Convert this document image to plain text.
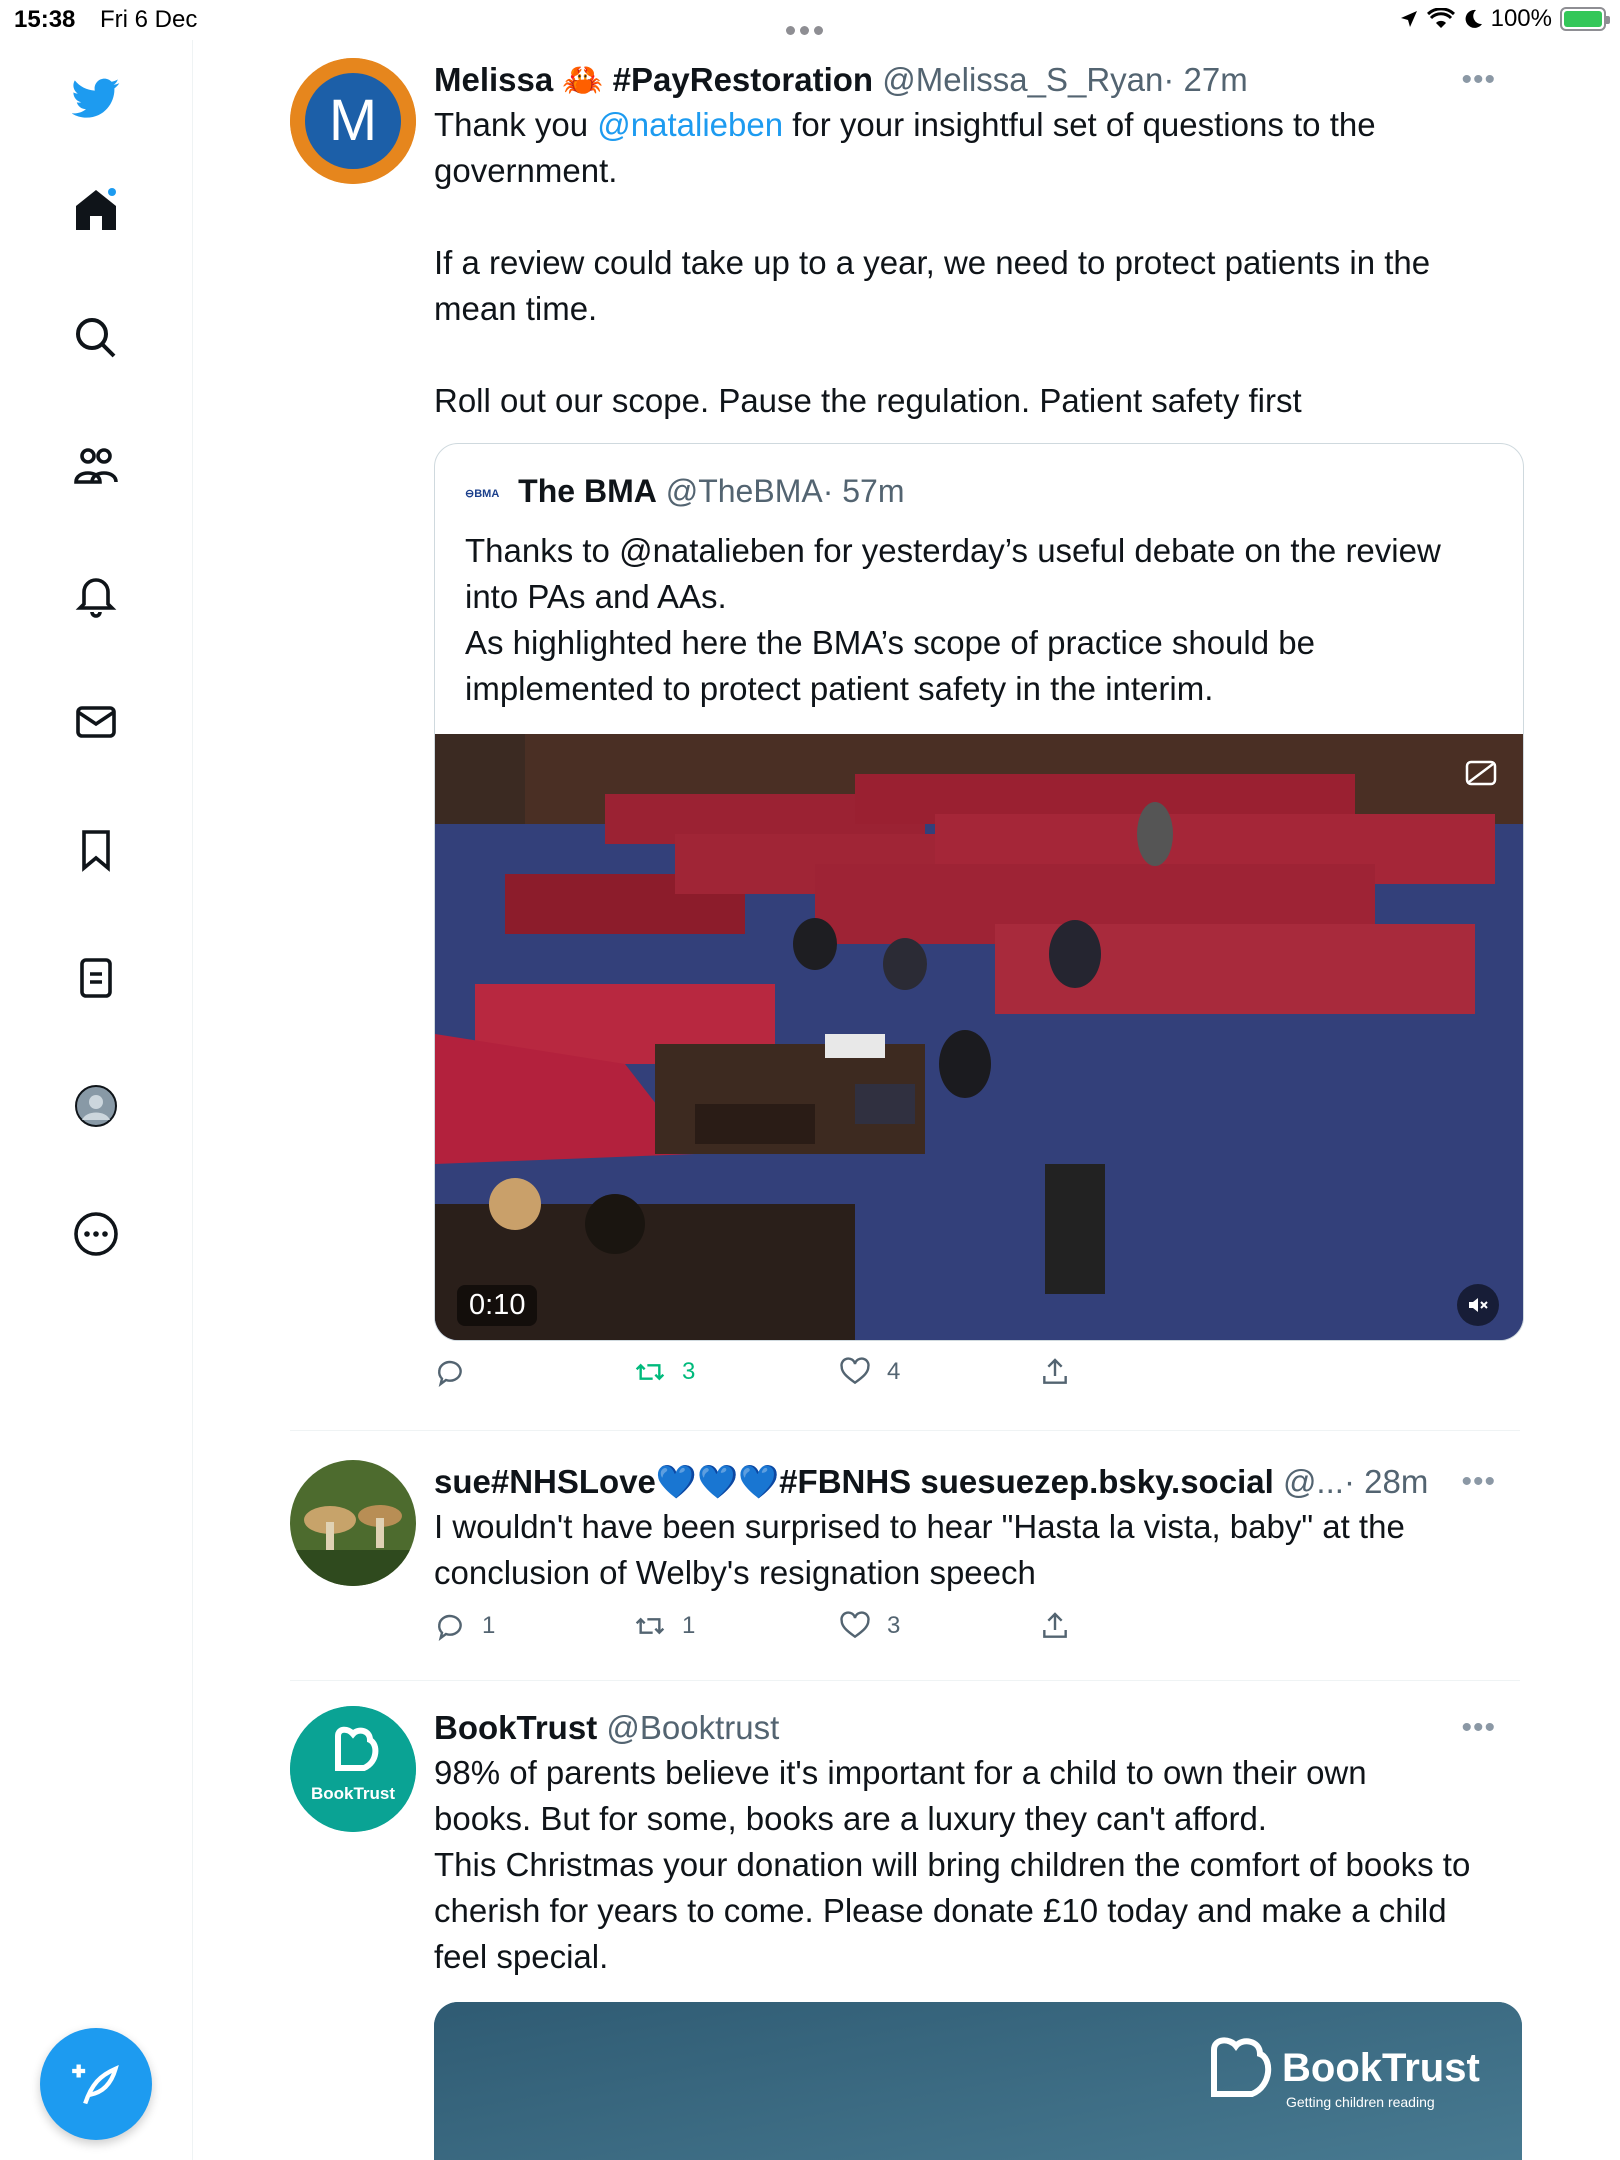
15:38 Fri 6 Dec	100%
M
Melissa 🦀 #PayRestoration @Melissa_S_Ryan· 27m	•••
Thank you @natalieben for your insightful set of questions to the
government.

If a review could take up to a year, we need to protect patients in the
mean time.

Roll out our scope. Pause the regulation. Patient safety first
⊖BMA The BMA @TheBMA· 57m
Thanks to @natalieben for yesterday’s useful debate on the review
into PAs and AAs.
As highlighted here the BMA’s scope of practice should be
implemented to protect patient safety in the interim.
0:10
3	4
sue#NHSLove💙💙💙#FBNHS suesuezep.bsky.social @...· 28m •••
I wouldn't have been surprised to hear "Hasta la vista, baby" at the
conclusion of Welby's resignation speech
1	1	3
BookTrust
BookTrust @Booktrust	•••
98% of parents believe it's important for a child to own their own
books. But for some, books are a luxury they can't afford.
This Christmas your donation will bring children the comfort of books to
cherish for years to come. Please donate £10 today and make a child
feel special.
BookTrust
Getting children reading
